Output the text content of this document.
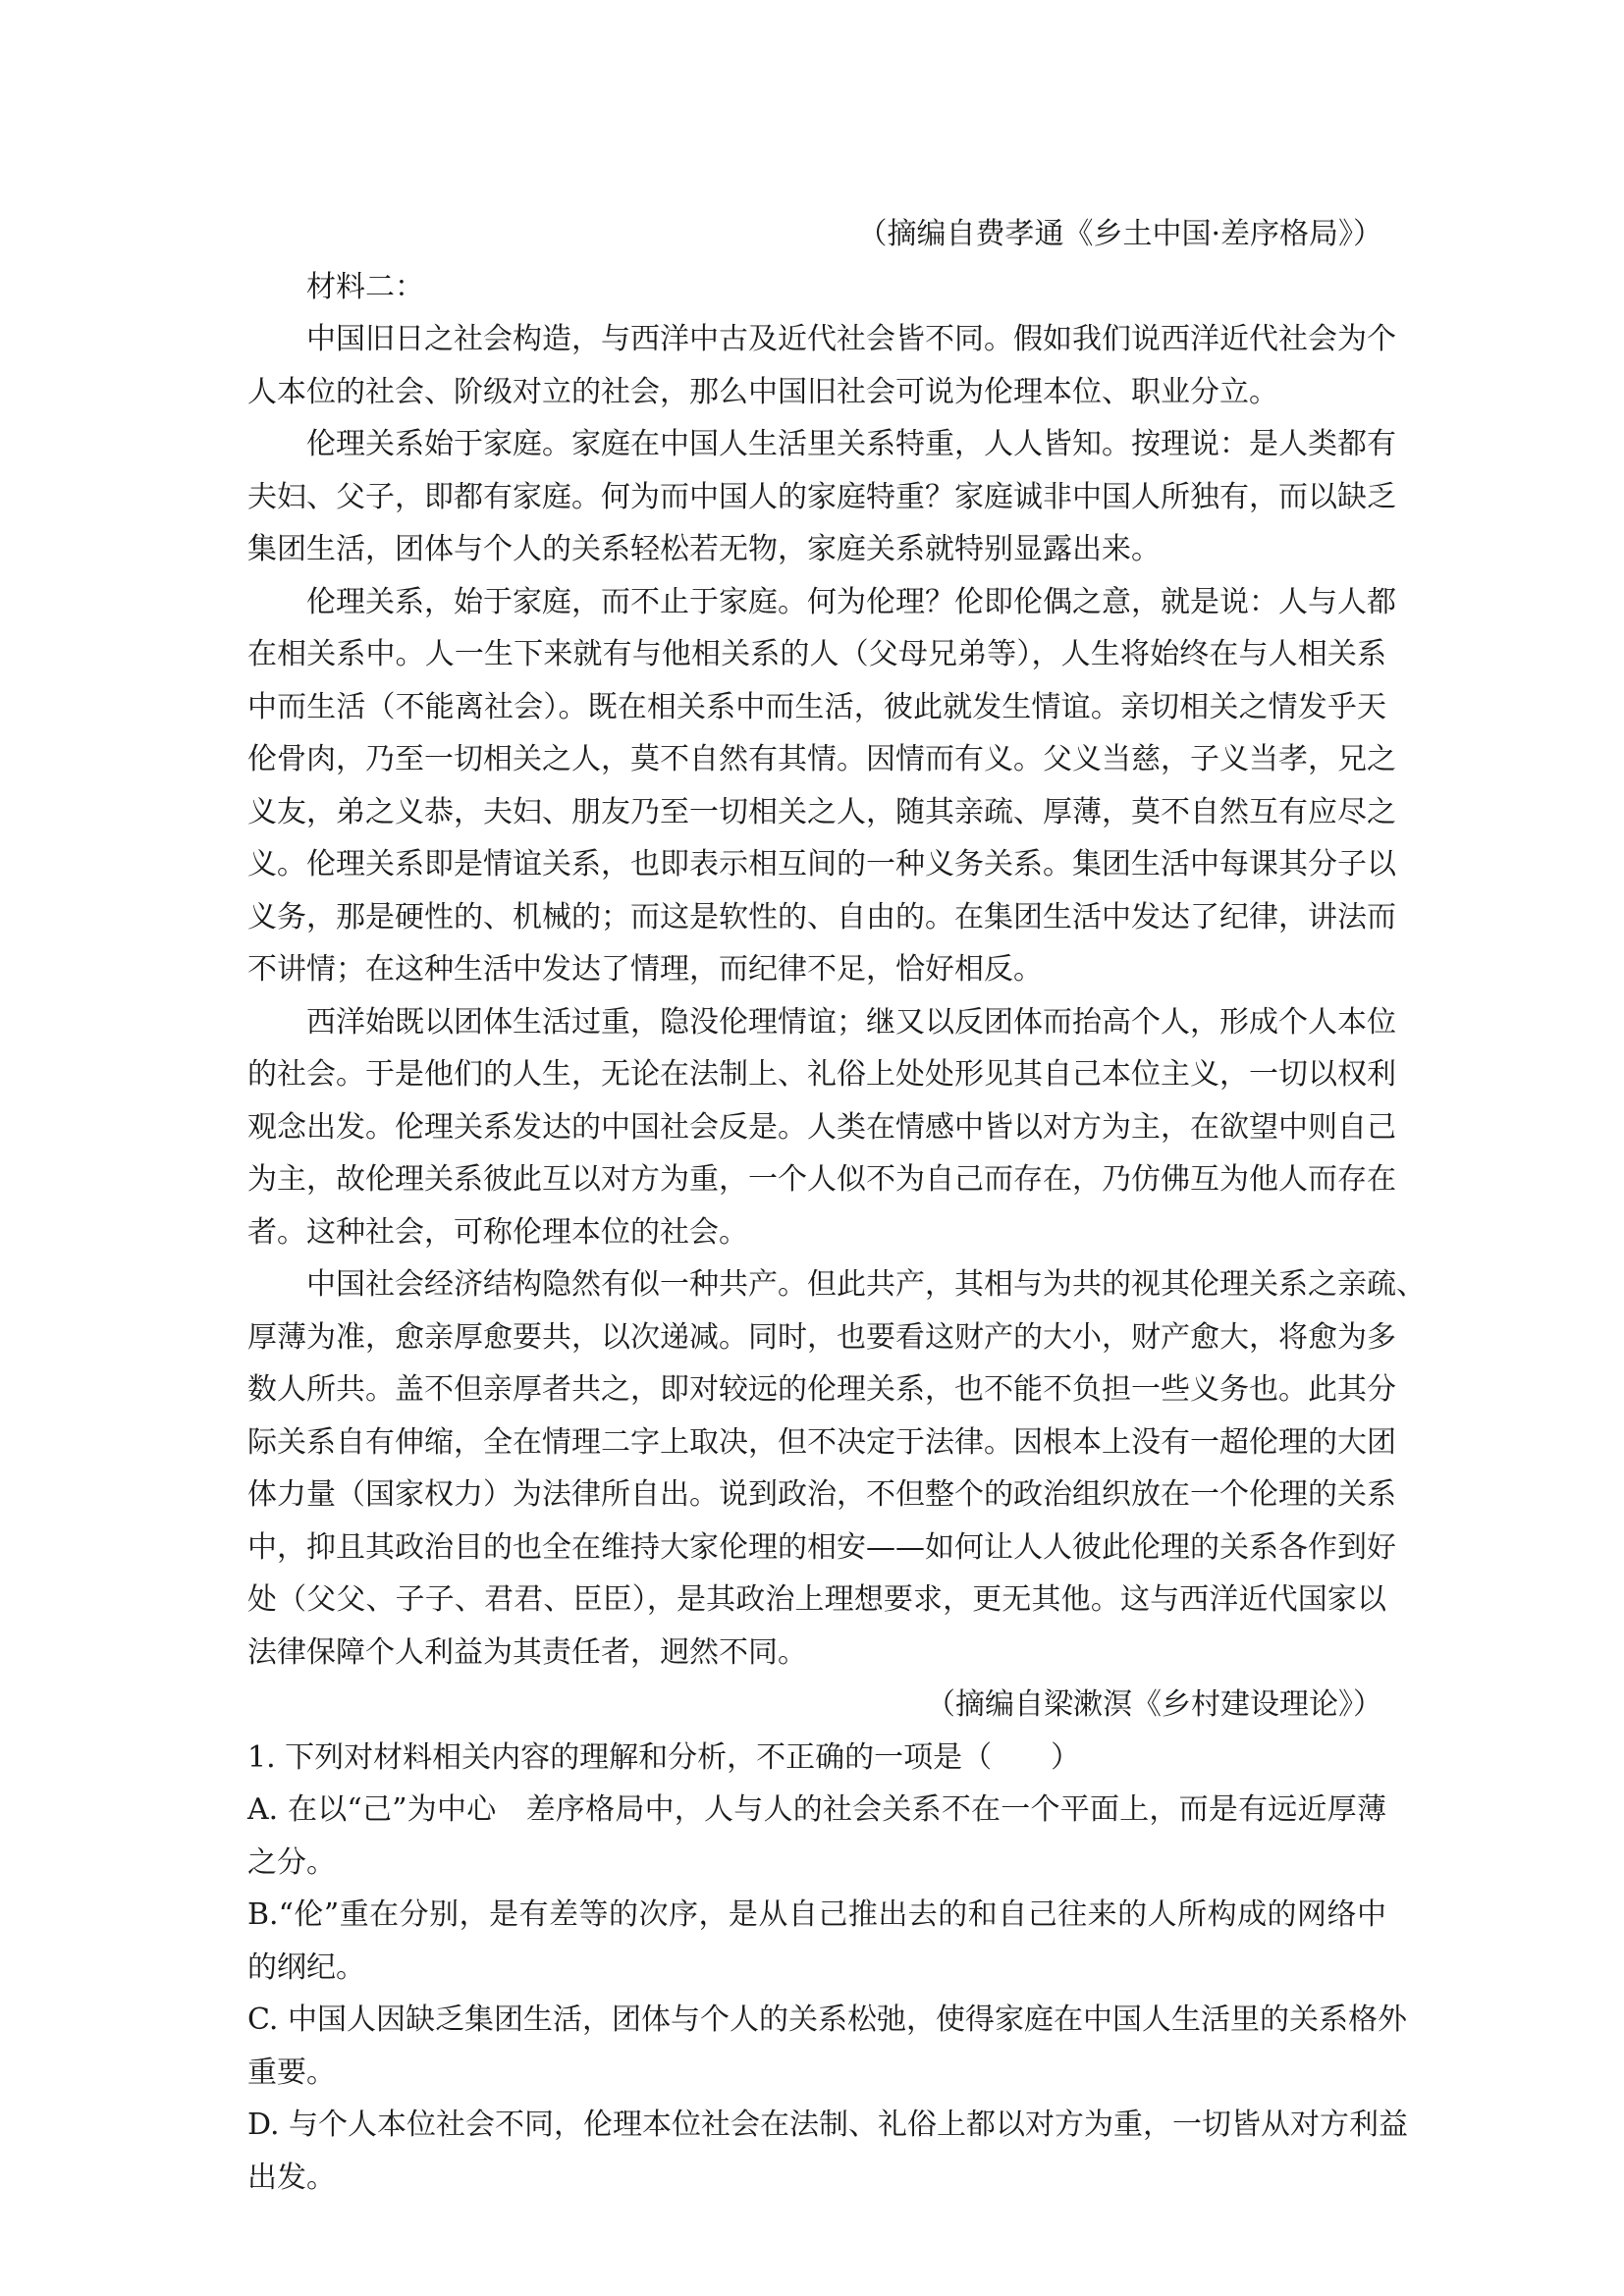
（摘编自费孝通《乡土中国·差序格局》）
材料二：
中国旧日之社会构造，与西洋中古及近代社会皆不同。假如我们说西洋近代社会为个
人本位的社会、阶级对立的社会，那么中国旧社会可说为伦理本位、职业分立。
伦理关系始于家庭。家庭在中国人生活里关系特重，人人皆知。按理说：是人类都有
夫妇、父子，即都有家庭。何为而中国人的家庭特重？家庭诚非中国人所独有，而以缺乏
集团生活，团体与个人的关系轻松若无物，家庭关系就特别显露出来。
伦理关系，始于家庭，而不止于家庭。何为伦理？伦即伦偶之意，就是说：人与人都
在相关系中。人一生下来就有与他相关系的人（父母兄弟等），人生将始终在与人相关系
中而生活（不能离社会）。既在相关系中而生活，彼此就发生情谊。亲切相关之情发乎天
伦骨肉，乃至一切相关之人，莫不自然有其情。因情而有义。父义当慈，子义当孝，兄之
义友，弟之义恭，夫妇、朋友乃至一切相关之人，随其亲疏、厚薄，莫不自然互有应尽之
义。伦理关系即是情谊关系，也即表示相互间的一种义务关系。集团生活中每课其分子以
义务，那是硬性的、机械的；而这是软性的、自由的。在集团生活中发达了纪律，讲法而
不讲情；在这种生活中发达了情理，而纪律不足，恰好相反。
西洋始既以团体生活过重，隐没伦理情谊；继又以反团体而抬高个人，形成个人本位
的社会。于是他们的人生，无论在法制上、礼俗上处处形见其自己本位主义，一切以权利
观念出发。伦理关系发达的中国社会反是。人类在情感中皆以对方为主，在欲望中则自己
为主，故伦理关系彼此互以对方为重，一个人似不为自己而存在，乃仿佛互为他人而存在
者。这种社会，可称伦理本位的社会。
中国社会经济结构隐然有似一种共产。但此共产，其相与为共的视其伦理关系之亲疏、
厚薄为准，愈亲厚愈要共，以次递减。同时，也要看这财产的大小，财产愈大，将愈为多
数人所共。盖不但亲厚者共之，即对较远的伦理关系，也不能不负担一些义务也。此其分
际关系自有伸缩，全在情理二字上取决，但不决定于法律。因根本上没有一超伦理的大团
体力量（国家权力）为法律所自出。说到政治，不但整个的政治组织放在一个伦理的关系
中，抑且其政治目的也全在维持大家伦理的相安——如何让人人彼此伦理的关系各作到好
处（父父、子子、君君、臣臣），是其政治上理想要求，更无其他。这与西洋近代国家以
法律保障个人利益为其责任者，迥然不同。
（摘编自梁漱溟《乡村建设理论》）
1. 下列对材料相关内容的理解和分析，不正确的一项是（　　）
A. 在以“己”为中心　差序格局中，人与人的社会关系不在一个平面上，而是有远近厚薄
之分。
B.“伦”重在分别，是有差等的次序，是从自己推出去的和自己往来的人所构成的网络中
的纲纪。
C. 中国人因缺乏集团生活，团体与个人的关系松弛，使得家庭在中国人生活里的关系格外
重要。
D. 与个人本位社会不同，伦理本位社会在法制、礼俗上都以对方为重，一切皆从对方利益
出发。
